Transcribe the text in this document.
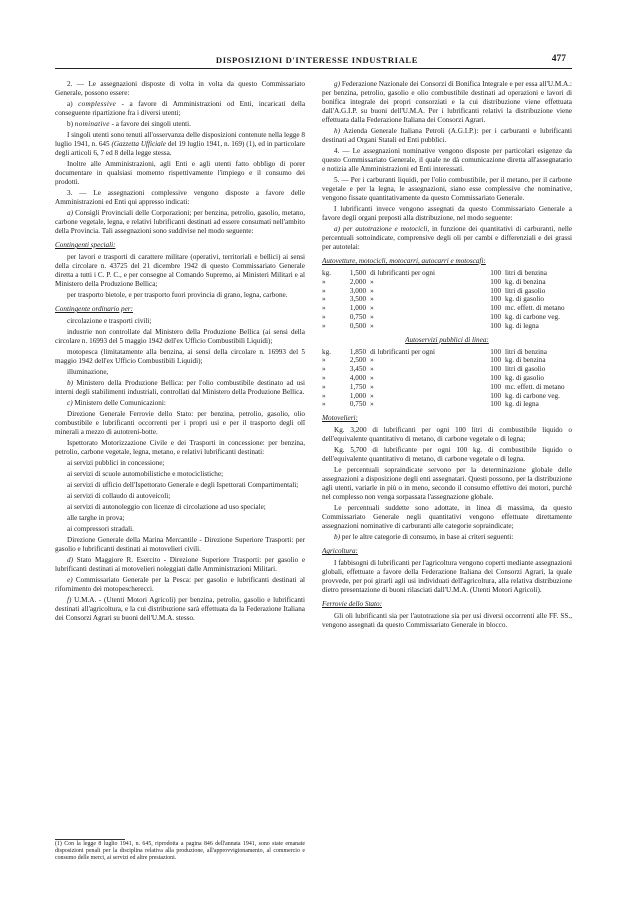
DISPOSIZIONI D'INTERESSE INDUSTRIALE	477

2. — Le assegnazioni disposte di volta in volta da questo Commissariato Generale, possono essere:

a) complessive - a favore di Amministrazioni od Enti, incaricati della conseguente ripartizione fra i diversi utenti;

b) nominative - a favore dei singoli utenti.

I singoli utenti sono tenuti all'osservanza delle disposizioni contenute nella legge 8 luglio 1941, n. 645 (Gazzetta Ufficiale del 19 luglio 1941, n. 169) (1), ed in particolare degli articoli 6, 7 ed 8 della legge stessa.

Inoltre alle Amministrazioni, agli Enti e agli utenti fatto obbligo di porer documentare in qualsiasi momento rispettivamente l'impiego e il consumo dei prodotti.

3. — Le assegnazioni complessive vengono disposte a favore delle Amministrazioni ed Enti qui appresso indicati:

a) Consigli Provinciali delle Corporazioni; per benzina, petrolio, gasolio, metano, carbone vegetale, legna, e relativi lubrificanti destinati ad essere consumati nell'ambito della Provincia. Tali assegnazioni sono suddivise nel modo seguente:

Contingenti speciali:

per lavori e trasporti di carattere militare (operativi, territoriali e bellici) ai sensi della circolare n. 43725 del 21 dicembre 1942 di questo Commissariato Generale diretta a tutti i C. P. C., e per consegne al Comando Supremo, ai Ministeri Militari e al Ministero della Produzione Bellica;

per trasporto bietole, e per trasporto fuori provincia di grano, legna, carbone.

Contingente ordinario per:

circolazione e trasporti civili;

industrie non controllate dal Ministero della Produzione Bellica (ai sensi della circolare n. 16993 del 5 maggio 1942 dell'ex Ufficio Combustibili Liquidi);

motopesca (limitatamente alla benzina, ai sensi della circolare n. 16993 del 5 maggio 1942 dell'ex Ufficio Combustibili Liquidi);

illuminazione,

b) Ministero della Produzione Bellica: per l'olio combustibile destinato ad usi interni degli stabilimenti industriali, controllati dal Ministero della Produzione Bellica.

c) Ministero delle Comunicazioni:

Direzione Generale Ferrovie dello Stato: per benzina, petrolio, gasolio, olio combustibile e lubrificanti occorrenti per i propri usi e per il trasporto degli olî minerali a mezzo di autotreni-botte.

Ispettorato Motorizzazione Civile e dei Trasporti in concessione: per benzina, petrolio, carbone vegetale, legna, metano, e relativi lubrificanti destinati:

ai servizi pubblici in concessione;

ai servizi di scuole automobilistiche e motociclistiche;

ai servizi di ufficio dell'Ispettorato Generale e degli Ispettorati Compartimentali;

ai servizi di collaudo di autoveicoli;

ai servizi di autonoleggio con licenze di circolazione ad uso speciale;

alle targhe in prova;

ai compressori stradali.

Direzione Generale della Marina Mercantile - Direzione Superiore Trasporti: per gasolio e lubrificanti destinati ai motovelieri civili.

d) Stato Maggiore R. Esercito - Direzione Superiore Trasporti: per gasolio e lubrificanti destinati ai motovelieri noleggiati dalle Amministrazioni Militari.

e) Commissariato Generale per la Pesca: per gasolio e lubrificanti destinati al rifornimento dei motopescherecci.

f) U.M.A. - (Utenti Motori Agricoli) per benzina, petrolio, gasolio e lubrificanti destinati all'agricoltura, e la cui distribuzione sarà effettuata da la Federazione Italiana dei Consorzi Agrari su buoni dell'U.M.A. stesso.

(1) Con la legge 8 luglio 1941, n. 645, riprodotta a pagina 846 dell'annata 1941, sono state emanate disposizioni penali per la disciplina relativa alla produzione, all'approvvigionamento, al commercio e consumo delle merci, ai servizi ed altre prestazioni.

g) Federazione Nazionale dei Consorzi di Bonifica Integrale e per essa all'U.M.A.: per benzina, petrolio, gasolio e olio combustibile destinati ad operazioni e lavori di bonifica integrale dei propri consorziati e la cui distribuzione viene effettuata dall'A.G.I.P. su buoni dell'U.M.A. Per i lubrificanti relativi la distribuzione viene effettuata dalla Federazione Italiana dei Consorzi Agrari.

h) Azienda Generale Italiana Petroli (A.G.I.P.): per i carburanti e lubrificanti destinati ad Organi Statali ed Enti pubblici.

4. — Le assegnazioni nominative vengono disposte per particolari esigenze da questo Commissariato Generale, il quale ne dà comunicazione diretta all'assegnatario e notizia alle Amministrazioni ed Enti interessati.

5. — Per i carburanti liquidi, per l'olio combustibile, per il metano, per il carbone vegetale e per la legna, le assegnazioni, siano esse complessive che nominative, vengono fissate quantitativamente da questo Commissariato Generale.

I lubrificanti invece vengono assegnati da questo Commissariato Generale a favore degli organi preposti alla distribuzione, nel modo seguente:

a) per autotrazione e motocicli, in funzione dei quantitativi di carburanti, nelle percentuali sottoindicate, comprensive degli oli per cambi e differenziali e dei grassi per autotelai:

Autovetture, motocicli, motocarri, autocarri e motoscafi:

kg.	1,500	di lubrificanti per ogni	100	litri di benzina
»	2,000	»	100	kg. di benzina
»	3,000	»	100	litri di gasolio
»	3,500	»	100	kg. di gasolio
»	1,000	»	100	mc. effett. di metano
»	0,750	»	100	kg. di carbone veg.
»	0,500	»	100	kg. di legna

Autoservizi pubblici di linea:

kg.	1,850	di lubrificanti per ogni	100	litri di benzina
»	2,500	»	100	kg. di benzina
»	3,450	»	100	litri di gasolio
»	4,000	»	100	kg. di gasolio
»	1,750	»	100	mc. effett. di metano
»	1,000	»	100	kg. di carbone veg.
»	0,750	»	100	kg. di legna

Motovelieri:

Kg. 3,200 di lubrificanti per ogni 100 litri di combustibile liquido o dell'equivalente quantitativo di metano, di carbone vegetale o di legna;

Kg. 5,700 di lubrificante per ogni 100 kg. di combustibile liquido o dell'equivalente quantitativo di metano, di carbone vegetale o di legna.

Le percentuali sopraindicate servono per la determinazione globale delle assegnazioni a disposizione degli enti assegnatari. Questi possono, per la distribuzione agli utenti, variarle in più o in meno, secondo il consumo effettivo dei motori, purchè nel complesso non venga sorpassata l'assegnazione globale.

Le percentuali suddette sono adottate, in linea di massima, da questo Commissariato Generale negli quantitativi vengono effettuate direttamente assegnazioni nominative di carburanti alle categorie sopraindicate;

b) per le altre categorie di consumo, in base ai criteri seguenti:

Agricoltura:

I fabbisogni di lubrificanti per l'agricoltura vengono coperti mediante assegnazioni globali, effettuate a favore della Federazione Italiana dei Consorzi Agrari, la quale provvede, per poi girarli agli usi individuati dell'agricoltura, alla relativa distribuzione dietro presentazione di buoni rilasciati dall'U.M.A. (Utenti Motori Agricoli).

Ferrovie dello Stato:

Gli oli lubrificanti sia per l'autotrazione sia per usi diversi occorrenti alle FF. SS., vengono assegnati da questo Commissariato Generale in blocco.
